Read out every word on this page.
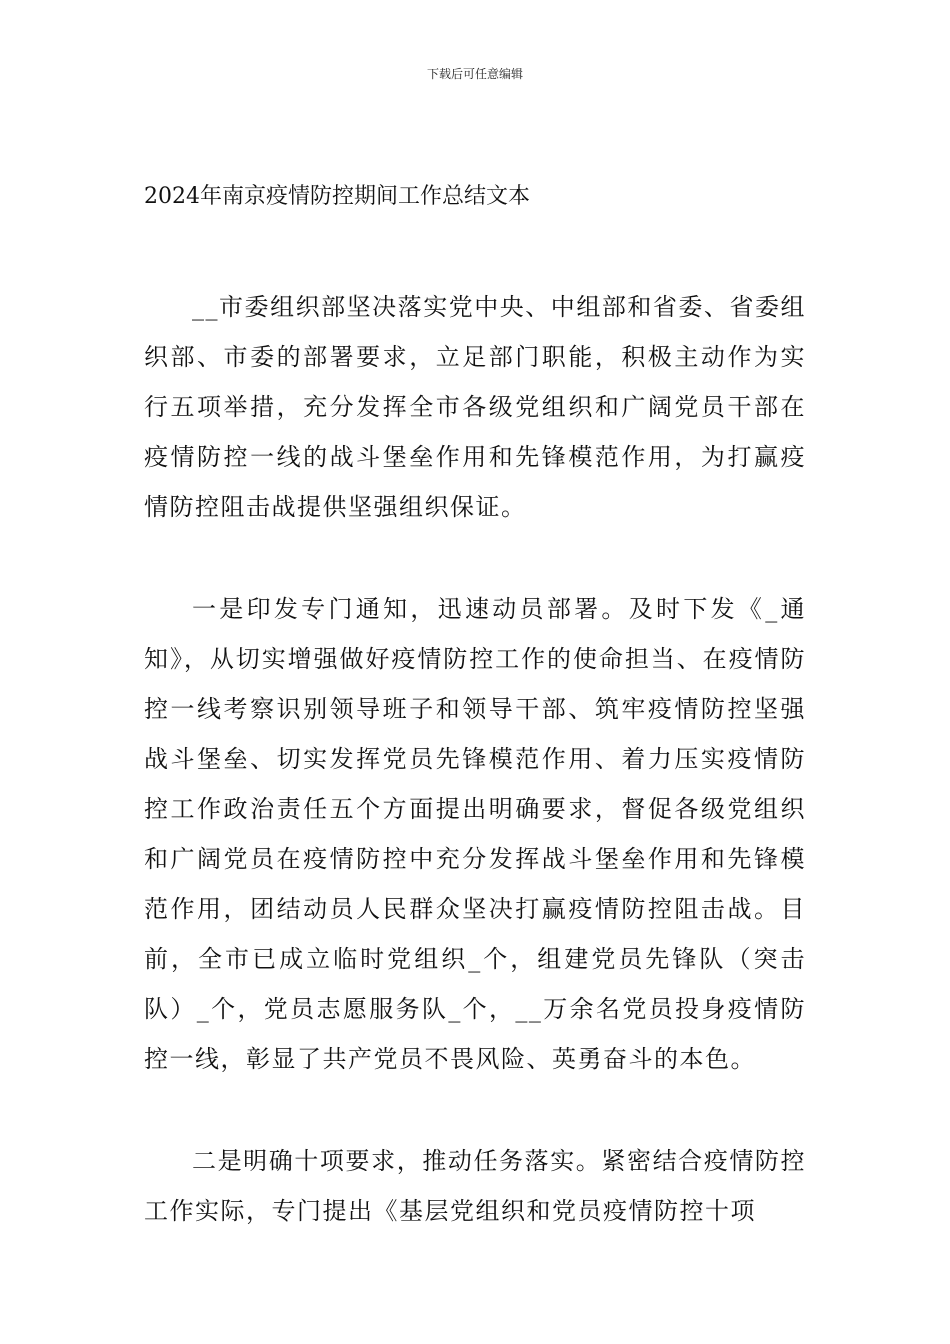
下载后可任意编辑
2024年南京疫情防控期间工作总结文本

__市委组织部坚决落实党中央、中组部和省委、省委组织部、市委的部署要求，立足部门职能，积极主动作为实行五项举措，充分发挥全市各级党组织和广阔党员干部在疫情防控一线的战斗堡垒作用和先锋模范作用，为打赢疫情防控阻击战提供坚强组织保证。

一是印发专门通知，迅速动员部署。及时下发《_通知》，从切实增强做好疫情防控工作的使命担当、在疫情防控一线考察识别领导班子和领导干部、筑牢疫情防控坚强战斗堡垒、切实发挥党员先锋模范作用、着力压实疫情防控工作政治责任五个方面提出明确要求，督促各级党组织和广阔党员在疫情防控中充分发挥战斗堡垒作用和先锋模范作用，团结动员人民群众坚决打赢疫情防控阻击战。目前，全市已成立临时党组织_个，组建党员先锋队（突击队）_个，党员志愿服务队_个，__万余名党员投身疫情防控一线，彰显了共产党员不畏风险、英勇奋斗的本色。

二是明确十项要求，推动任务落实。紧密结合疫情防控工作实际，专门提出《基层党组织和党员疫情防控十项
